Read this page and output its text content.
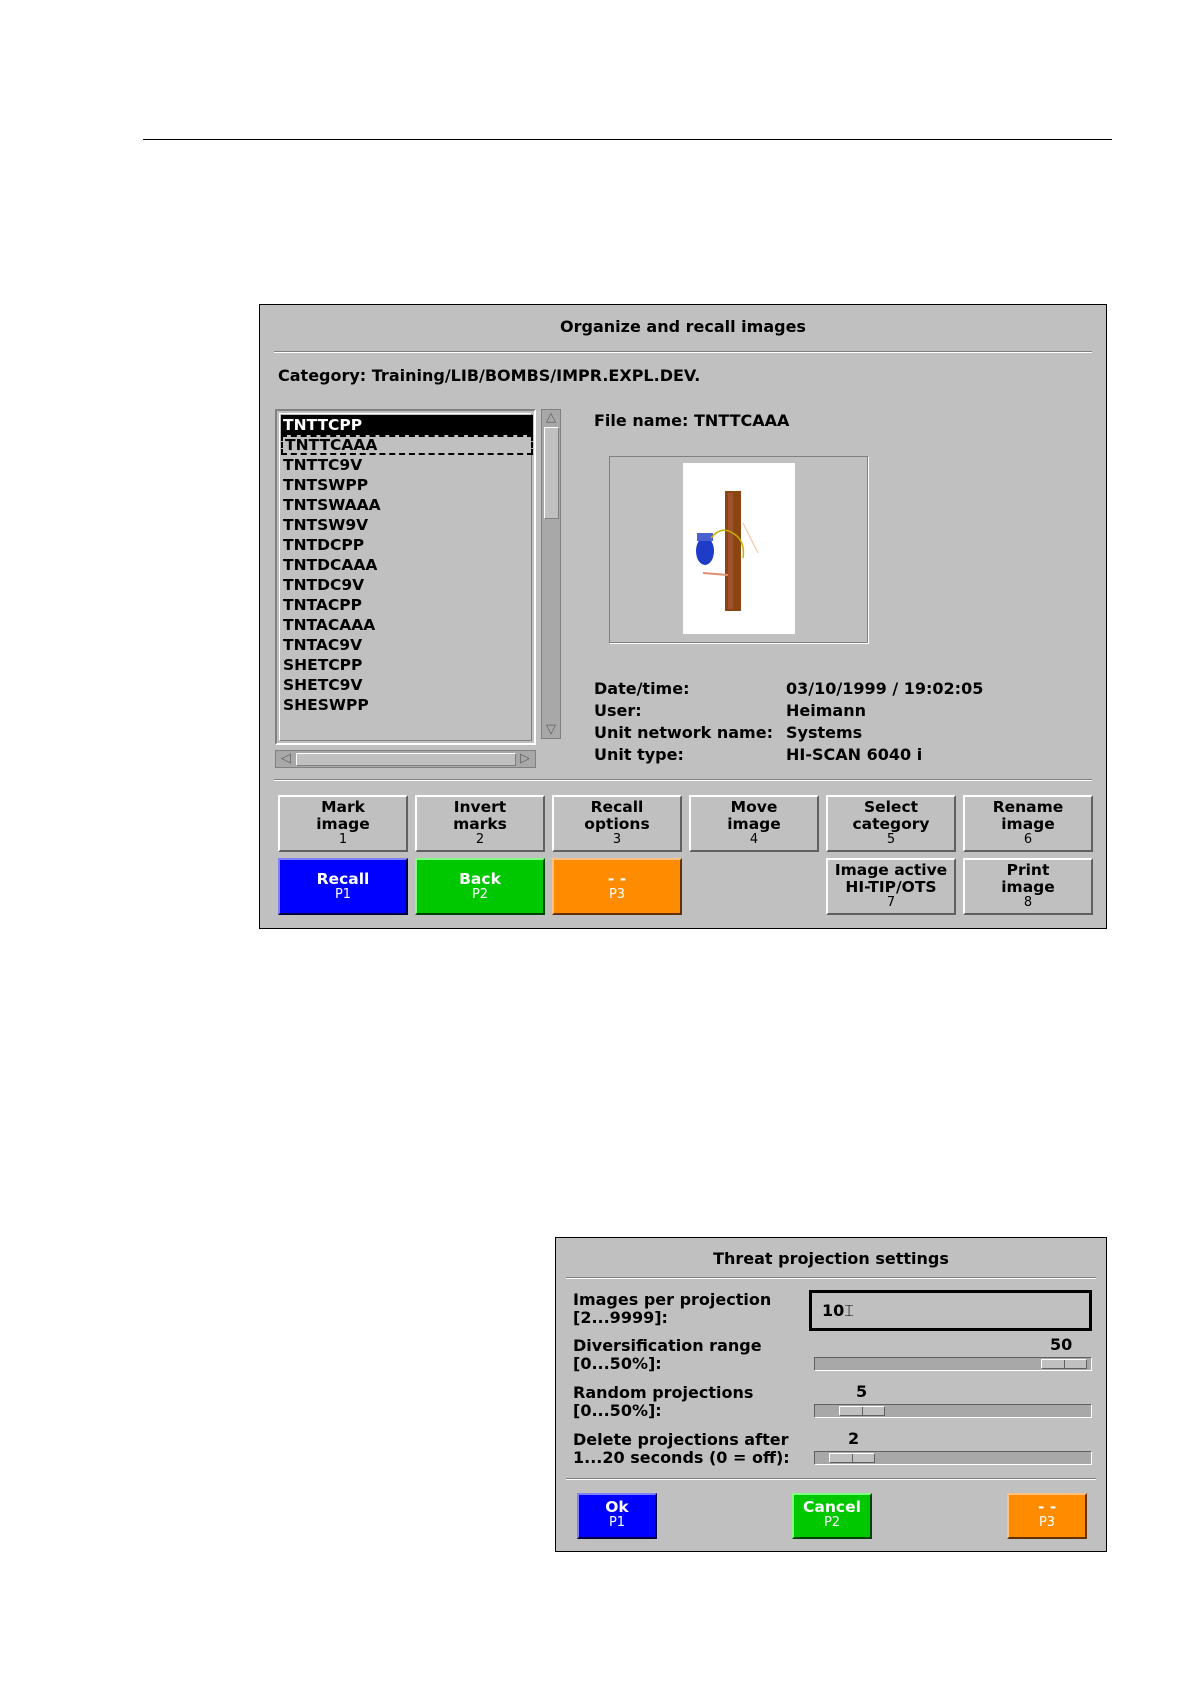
Organize and recall images
Category: Training/LIB/BOMBS/IMPR.EXPL.DEV.
TNTTCPP
TNTTCAAA
TNTTC9V
TNTSWPP
TNTSWAAA
TNTSW9V
TNTDCPP
TNTDCAAA
TNTDC9V
TNTACPP
TNTACAAA
TNTAC9V
SHETCPP
SHETC9V
SHESWPP
△
▽
◁	▷
File name: TNTTCAAA
Date/time:	03/10/1999 / 19:02:05
User:	Heimann
Unit network name: Systems
Unit type:	HI-SCAN 6040 i
Mark
image
1
Invert
marks
2
Recall
options
3
Move
image
4
Select
category
5
Rename
image
6
Recall
P1
Back
P2
- -
P3
Image active
HI-TIP/OTS
7
Print
image
8
Threat projection settings
Images per projection
[2...9999]:	10⌶
Diversification range
[0...50%]:
50
Random projections
[0...50%]:
5
Delete projections after
1...20 seconds (0 = off):
2
Ok
P1
Cancel
P2
- -
P3
